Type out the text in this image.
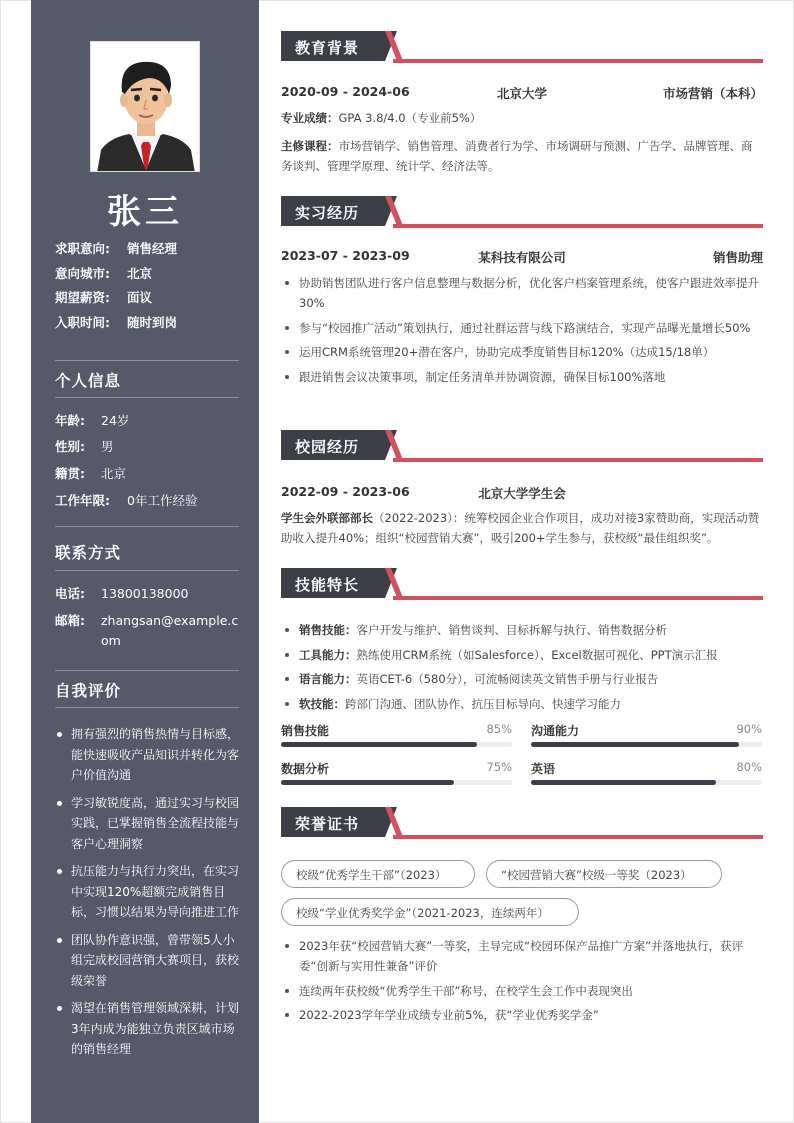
张三
求职意向:	销售经理
意向城市:	北京
期望薪资:	面议
入职时间:	随时到岗
个人信息
年龄:	24岁
性别:	男
籍贯:	北京
工作年限:	0年工作经验
联系方式
电话:	13800138000
邮箱:	zhangsan@example.com
自我评价
拥有强烈的销售热情与目标感，能快速吸收产品知识并转化为客户价值沟通
学习敏锐度高，通过实习与校园实践，已掌握销售全流程技能与客户心理洞察
抗压能力与执行力突出，在实习中实现120%超额完成销售目标，习惯以结果为导向推进工作
团队协作意识强，曾带领5人小组完成校园营销大赛项目，获校级荣誉
渴望在销售管理领域深耕，计划3年内成为能独立负责区域市场的销售经理
教育背景
2020-09 - 2024-06	北京大学	市场营销（本科）
专业成绩：GPA 3.8/4.0（专业前5%）
主修课程：市场营销学、销售管理、消费者行为学、市场调研与预测、广告学、品牌管理、商务谈判、管理学原理、统计学、经济法等。
实习经历
2023-07 - 2023-09	某科技有限公司	销售助理
协助销售团队进行客户信息整理与数据分析，优化客户档案管理系统，使客户跟进效率提升30%
参与“校园推广活动”策划执行，通过社群运营与线下路演结合，实现产品曝光量增长50%
运用CRM系统管理20+潜在客户，协助完成季度销售目标120%（达成15/18单）
跟进销售会议决策事项，制定任务清单并协调资源，确保目标100%落地
校园经历
2022-09 - 2023-06	北京大学学生会
学生会外联部部长（2022-2023）：统筹校园企业合作项目，成功对接3家赞助商，实现活动赞助收入提升40%；组织“校园营销大赛”，吸引200+学生参与，获校级“最佳组织奖”。
技能特长
销售技能：客户开发与维护、销售谈判、目标拆解与执行、销售数据分析
工具能力：熟练使用CRM系统（如Salesforce）、Excel数据可视化、PPT演示汇报
语言能力：英语CET-6（580分），可流畅阅读英文销售手册与行业报告
软技能：跨部门沟通、团队协作、抗压目标导向、快速学习能力
销售技能	85% 沟通能力	90%
数据分析	75% 英语	80%
荣誉证书
校级“优秀学生干部”（2023）	“校园营销大赛”校级一等奖（2023）
校级“学业优秀奖学金”（2021-2023，连续两年）
2023年获“校园营销大赛”一等奖，主导完成“校园环保产品推广方案”并落地执行，获评委“创新与实用性兼备”评价
连续两年获校级“优秀学生干部”称号，在校学生会工作中表现突出
2022-2023学年学业成绩专业前5%，获“学业优秀奖学金”
